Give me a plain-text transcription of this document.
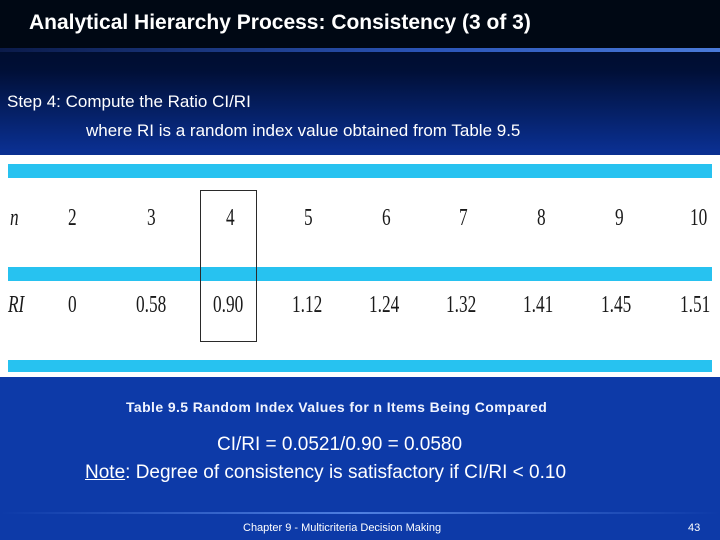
Analytical Hierarchy Process: Consistency (3 of 3)
Step 4: Compute the Ratio CI/RI
where RI is a random index value obtained from Table 9.5
n 2	3	4	5	6	7	8	9	10
RI 0 0.58 0.90 1.12 1.24 1.32 1.41 1.45 1.51
Table 9.5 Random Index Values for n Items Being Compared
CI/RI = 0.0521/0.90 = 0.0580
Note: Degree of consistency is satisfactory if CI/RI < 0.10
Chapter 9 - Multicriteria Decision Making	43
